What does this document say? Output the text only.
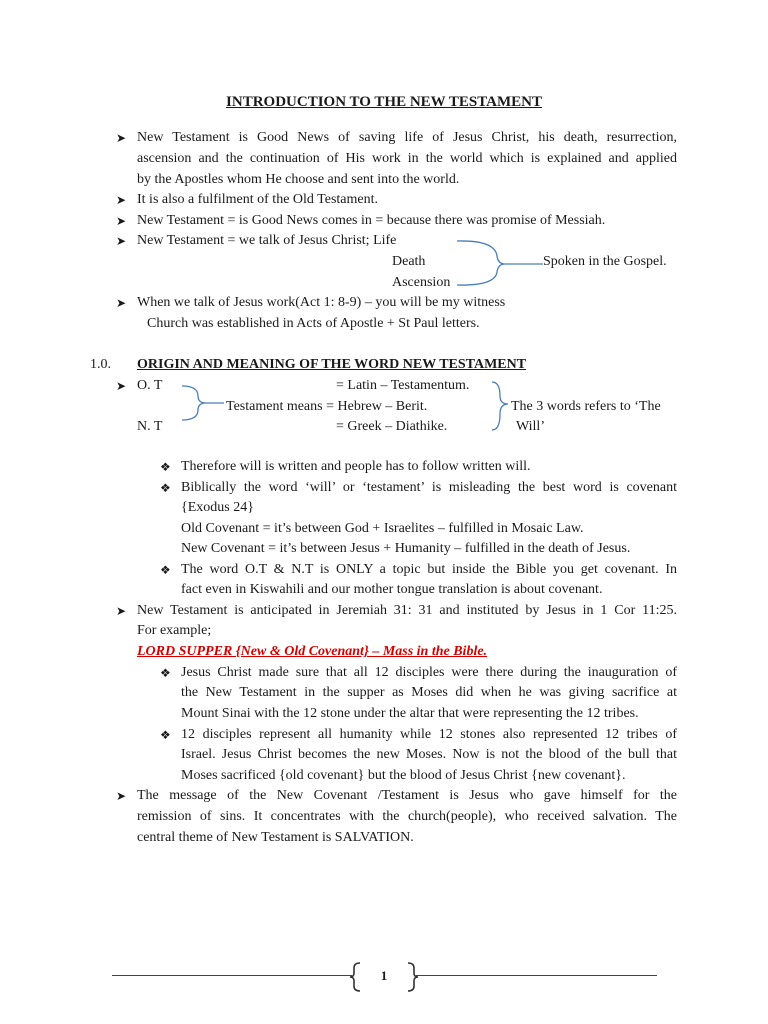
INTRODUCTION TO THE NEW TESTAMENT
➤ New Testament is Good News of saving life of Jesus Christ, his death, resurrection,
ascension and the continuation of His work in the world which is explained and applied
by the Apostles whom He choose and sent into the world.
➤ It is also a fulfilment of the Old Testament.
➤ New Testament = is Good News comes in = because there was promise of Messiah.
➤ New Testament = we talk of Jesus Christ; Life
Death
Ascension
Spoken in the Gospel.
➤ When we talk of Jesus work(Act 1: 8-9) – you will be my witness
Church was established in Acts of Apostle + St Paul letters.
1.0. ORIGIN AND MEANING OF THE WORD NEW TESTAMENT
➤ O. T
N. T
= Latin – Testamentum.
Testament means = Hebrew – Berit.
= Greek – Diathike.
The 3 words refers to ‘The
Will’
❖ Therefore will is written and people has to follow written will.
❖ Biblically the word ‘will’ or ‘testament’ is misleading the best word is covenant
{Exodus 24}
Old Covenant = it’s between God + Israelites – fulfilled in Mosaic Law.
New Covenant = it’s between Jesus + Humanity – fulfilled in the death of Jesus.
❖ The word O.T & N.T is ONLY a topic but inside the Bible you get covenant. In
fact even in Kiswahili and our mother tongue translation is about covenant.
➤ New Testament is anticipated in Jeremiah 31: 31 and instituted by Jesus in 1 Cor 11:25.
For example;
LORD SUPPER {New & Old Covenant} – Mass in the Bible.
❖ Jesus Christ made sure that all 12 disciples were there during the inauguration of
the New Testament in the supper as Moses did when he was giving sacrifice at
Mount Sinai with the 12 stone under the altar that were representing the 12 tribes.
❖ 12 disciples represent all humanity while 12 stones also represented 12 tribes of
Israel. Jesus Christ becomes the new Moses. Now is not the blood of the bull that
Moses sacrificed {old covenant} but the blood of Jesus Christ {new covenant}.
➤ The message of the New Covenant /Testament is Jesus who gave himself for the
remission of sins. It concentrates with the church(people), who received salvation. The
central theme of New Testament is SALVATION.
1
